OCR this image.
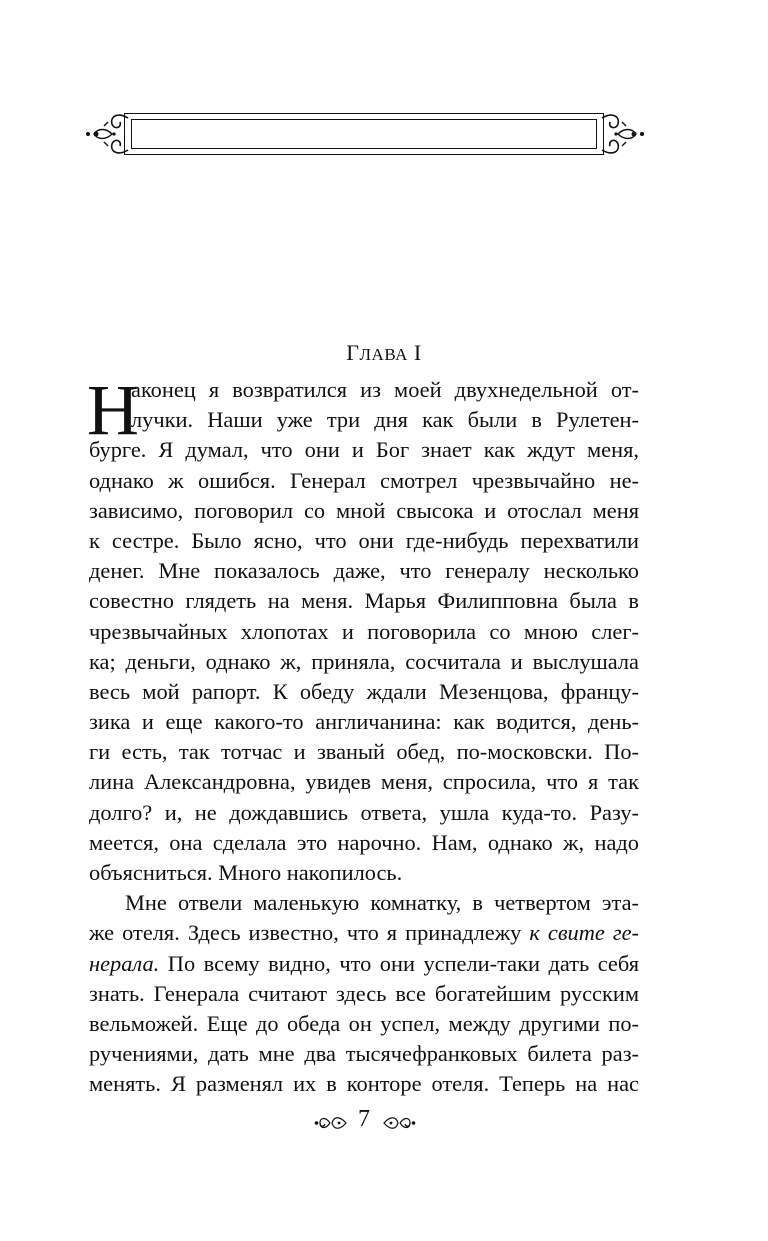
ГЛАВА I
Н
аконец я возвратился из моей двухнедельной от-
лучки. Наши уже три дня как были в Рулетен-
бурге. Я думал, что они и Бог знает как ждут меня,
однако ж ошибся. Генерал смотрел чрезвычайно не-
зависимо, поговорил со мной свысока и отослал меня
к сестре. Было ясно, что они где-нибудь перехватили
денег. Мне показалось даже, что генералу несколько
совестно глядеть на меня. Марья Филипповна была в
чрезвычайных хлопотах и поговорила со мною слег-
ка; деньги, однако ж, приняла, сосчитала и выслушала
весь мой рапорт. К обеду ждали Мезенцова, францу-
зика и еще какого-то англичанина: как водится, день-
ги есть, так тотчас и званый обед, по-московски. По-
лина Александровна, увидев меня, спросила, что я так
долго? и, не дождавшись ответа, ушла куда-то. Разу-
меется, она сделала это нарочно. Нам, однако ж, надо
объясниться. Много накопилось.
Мне отвели маленькую комнатку, в четвертом эта-
же отеля. Здесь известно, что я принадлежу к свите ге-
нерала. По всему видно, что они успели-таки дать себя
знать. Генерала считают здесь все богатейшим русским
вельможей. Еще до обеда он успел, между другими по-
ручениями, дать мне два тысячефранковых билета раз-
менять. Я разменял их в конторе отеля. Теперь на нас
7
